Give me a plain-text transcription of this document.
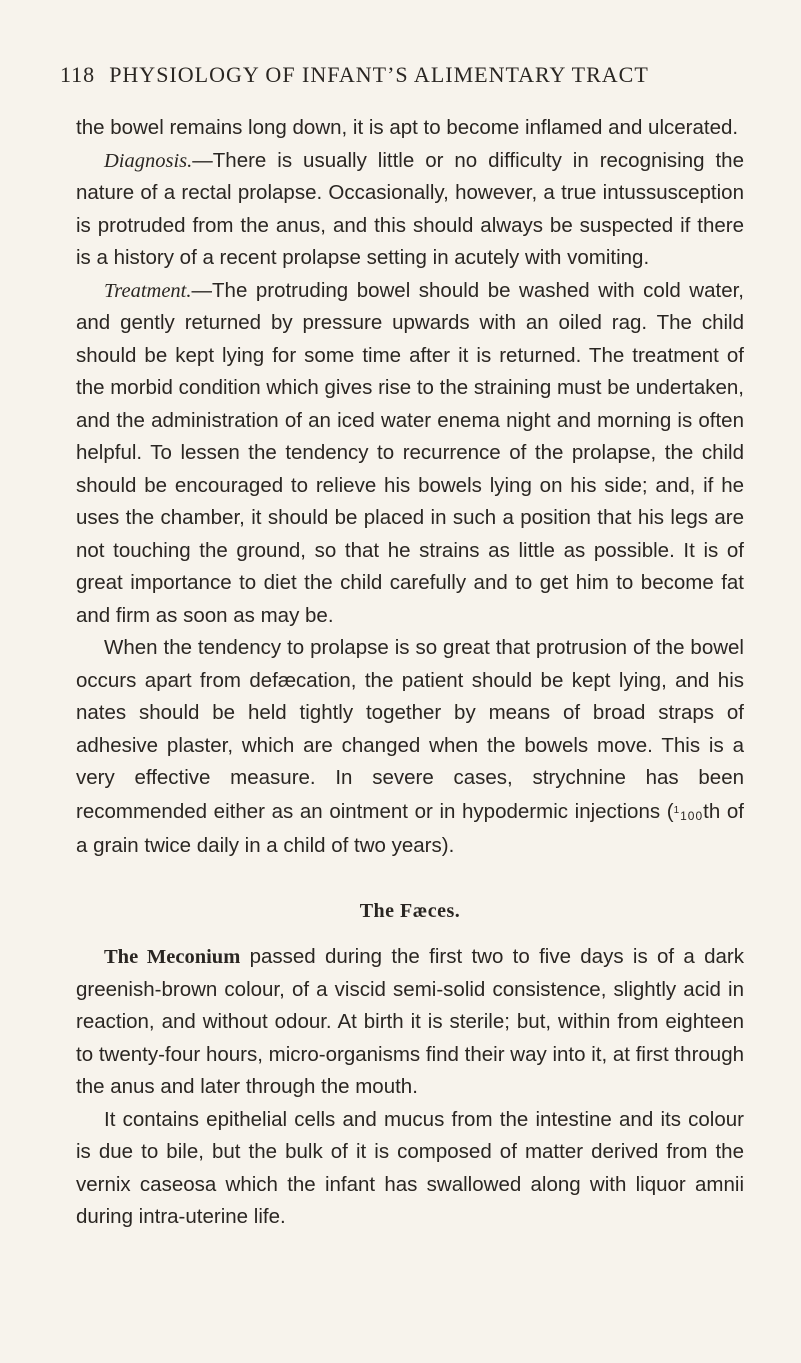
118 PHYSIOLOGY OF INFANT’S ALIMENTARY TRACT

the bowel remains long down, it is apt to become inflamed and ulcerated.

Diagnosis.—There is usually little or no difficulty in recognising the nature of a rectal prolapse. Occasionally, however, a true intussusception is protruded from the anus, and this should always be suspected if there is a history of a recent prolapse setting in acutely with vomiting.

Treatment.—The protruding bowel should be washed with cold water, and gently returned by pressure upwards with an oiled rag. The child should be kept lying for some time after it is returned. The treatment of the morbid condition which gives rise to the straining must be undertaken, and the administration of an iced water enema night and morning is often helpful. To lessen the tendency to recurrence of the prolapse, the child should be encouraged to relieve his bowels lying on his side; and, if he uses the chamber, it should be placed in such a position that his legs are not touching the ground, so that he strains as little as possible. It is of great importance to diet the child carefully and to get him to become fat and firm as soon as may be.

When the tendency to prolapse is so great that protrusion of the bowel occurs apart from defæcation, the patient should be kept lying, and his nates should be held tightly together by means of broad straps of adhesive plaster, which are changed when the bowels move. This is a very effective measure. In severe cases, strychnine has been recommended either as an ointment or in hypodermic injections ($^1$100th of a grain twice daily in a child of two years).

The Fæces.

The Meconium passed during the first two to five days is of a dark greenish-brown colour, of a viscid semi-solid consistence, slightly acid in reaction, and without odour. At birth it is sterile; but, within from eighteen to twenty-four hours, micro-organisms find their way into it, at first through the anus and later through the mouth.

It contains epithelial cells and mucus from the intestine and its colour is due to bile, but the bulk of it is composed of matter derived from the vernix caseosa which the infant has swallowed along with liquor amnii during intra-uterine life.
